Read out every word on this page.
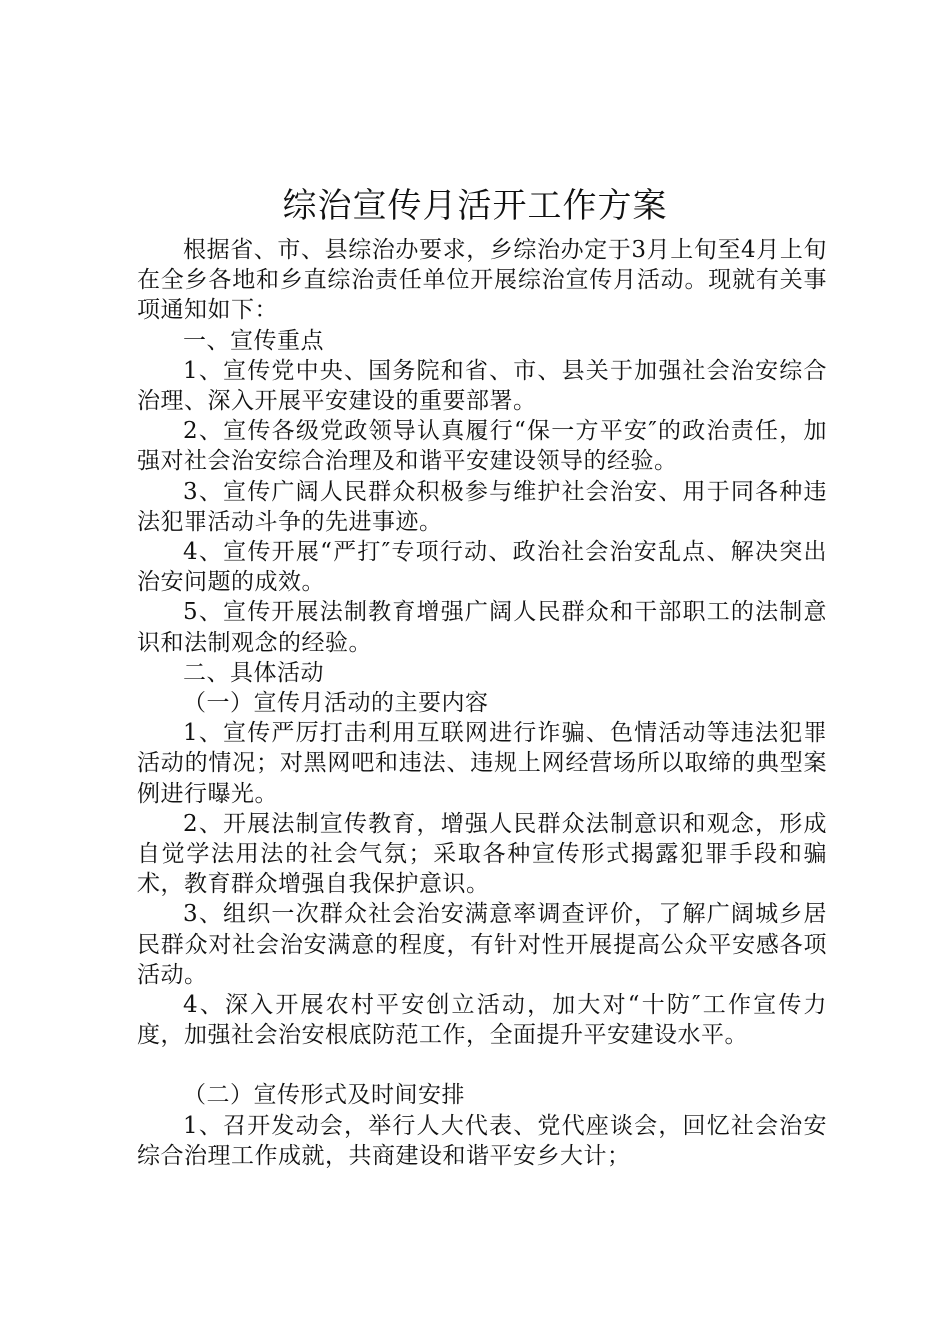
综治宣传月活开工作方案

根据省、市、县综治办要求，乡综治办定于3月上旬至4月上旬在全乡各地和乡直综治责任单位开展综治宣传月活动。现就有关事项通知如下：

一、宣传重点

1、宣传党中央、国务院和省、市、县关于加强社会治安综合治理、深入开展平安建设的重要部署。

2、宣传各级党政领导认真履行“保一方平安″的政治责任，加强对社会治安综合治理及和谐平安建设领导的经验。

3、宣传广阔人民群众积极参与维护社会治安、用于同各种违法犯罪活动斗争的先进事迹。

4、宣传开展“严打″专项行动、政治社会治安乱点、解决突出治安问题的成效。

5、宣传开展法制教育增强广阔人民群众和干部职工的法制意识和法制观念的经验。

二、具体活动

（一）宣传月活动的主要内容

1、宣传严厉打击利用互联网进行诈骗、色情活动等违法犯罪活动的情况；对黑网吧和违法、违规上网经营场所以取缔的典型案例进行曝光。

2、开展法制宣传教育，增强人民群众法制意识和观念，形成自觉学法用法的社会气氛；采取各种宣传形式揭露犯罪手段和骗术，教育群众增强自我保护意识。

3、组织一次群众社会治安满意率调查评价，了解广阔城乡居民群众对社会治安满意的程度，有针对性开展提高公众平安感各项活动。

4、深入开展农村平安创立活动，加大对“十防″工作宣传力度，加强社会治安根底防范工作，全面提升平安建设水平。

（二）宣传形式及时间安排

1、召开发动会，举行人大代表、党代座谈会，回忆社会治安综合治理工作成就，共商建设和谐平安乡大计；
